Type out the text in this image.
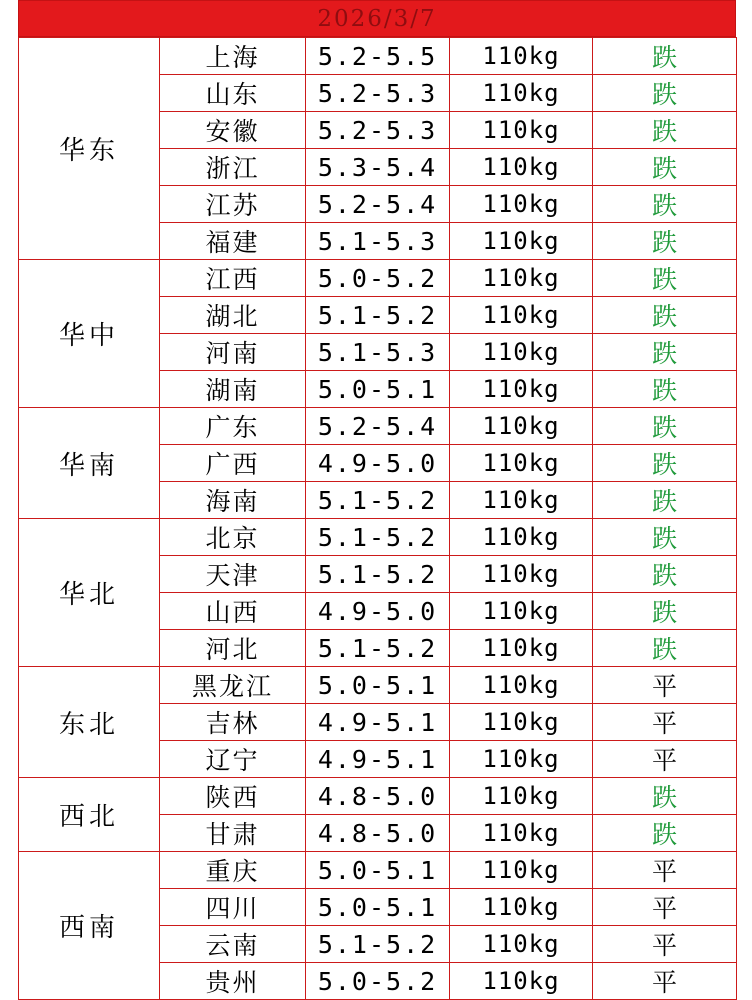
2026/3/7
华东	上海	5.2-5.5	110kg	跌
	山东	5.2-5.3	110kg	跌
	安徽	5.2-5.3	110kg	跌
	浙江	5.3-5.4	110kg	跌
	江苏	5.2-5.4	110kg	跌
	福建	5.1-5.3	110kg	跌
华中	江西	5.0-5.2	110kg	跌
	湖北	5.1-5.2	110kg	跌
	河南	5.1-5.3	110kg	跌
	湖南	5.0-5.1	110kg	跌
华南	广东	5.2-5.4	110kg	跌
	广西	4.9-5.0	110kg	跌
	海南	5.1-5.2	110kg	跌
华北	北京	5.1-5.2	110kg	跌
	天津	5.1-5.2	110kg	跌
	山西	4.9-5.0	110kg	跌
	河北	5.1-5.2	110kg	跌
东北	黑龙江	5.0-5.1	110kg	平
	吉林	4.9-5.1	110kg	平
	辽宁	4.9-5.1	110kg	平
西北	陕西	4.8-5.0	110kg	跌
	甘肃	4.8-5.0	110kg	跌
西南	重庆	5.0-5.1	110kg	平
	四川	5.0-5.1	110kg	平
	云南	5.1-5.2	110kg	平
	贵州	5.0-5.2	110kg	平
